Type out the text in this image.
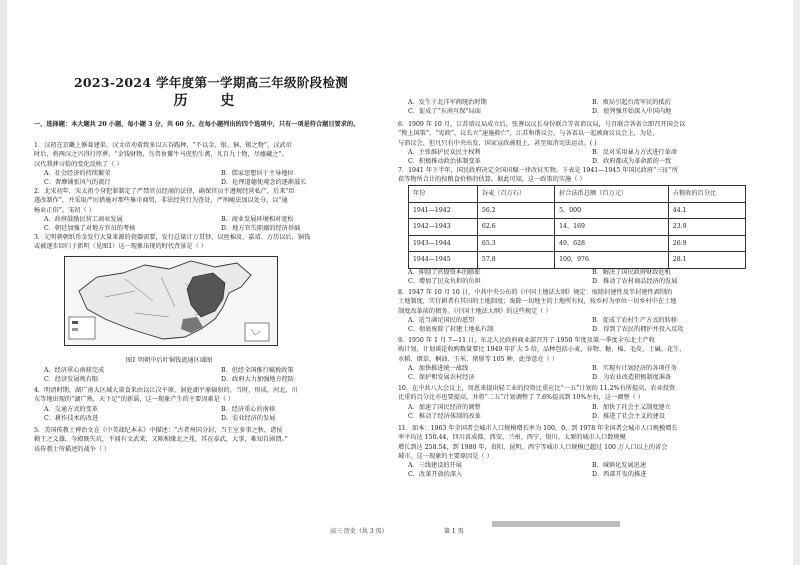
2023-2024 学年度第一学期高三年级阶段检测
历 史
一、选择题：本大题共 20 小题，每小题 3 分，共 60 分。在每小题列出的四个选项中，只有一项是符合题目要求的。
1．汉初在京畿上修葺建渠，汉文帝劝着致多以五谷践种，“不以金、银、铜、锡之物”，汉武帝
时后，将两汉之兴得行厚葬，“金钱财物，鸟兽鱼鳖牛马虎豹生禽，凡百九十物，尽瘗藏之”。
汉代我葬习俗的变化反映了（ ）
A．社会经济的持续繁荣	B．儒家思想居于主导地位
C．奢靡铺张风气的流行	D．伦理道德使观念的逐渐滋长
2．北宋初年，宋太祖令身犯罪制定了严禁官员经商的法律，确保官员不遵规经营私产，后来“臣
遂改制作”，并采取严厉措施对那些集市商贸，非法经营行为查处，严刑峻法加以处分，以“通
畅业正俗”。宋初（ ）
A．政府鼓励民营工商业发展	B．商业发展环境相对宽松
C．朝廷加强了对地方官员的考核	D．地方官失职腐的经济基础
3．元明朝朝纸币金发行大量来源的瓷器需要，发行总量计万贯钞，以丝棉及、嘉靖、万历以后，铜钱
或被逐步回归于新明（见图1）这一现象出现的时代背景是（ ）
图1 明朝中后叶铜钱流通区域图
A．经济重心南移完成	B．但经全国推行赋税政策
C．经济发展规有限	D．政府大力加强地方控防
4．明清时期，湖广南大区域大量食来由以江汉平原、洞庭湖平原辐射的，当时，形成，河北、川
东等地出现的“湖广熟，天下足”的新谣，这一现象产生的主要因素是（ ）
A．交通方式的变革	B．经济重心的南移
C．耕作技术的改进	D．农业经济的发展
5．美国传教士裨治文在《中美战纪本末》中描述：“古者州国分封，当王室多事之秋，诸侯
勤王之义雄，今殿既失坑，不闻有文武来，又陈相缘北之兆，其在泰武，大事，难知自剧谓。”
该传教士所描述的战争（ ）
A．发生于北洋军阀统治时期	B．败局引起台湾军民的抵抗
C．促成了“东南互保”局面	D．使列强开始深入中国内地
6．1909 年 10 月，江苏谘议局成立后，张謇以议长身份联合等省谘议局，号召联合各省立即召开国会以
“挽上国策”，“宪政”，议长立“速施救亡”，江苏和谐议会，与各省以一起被商议议会上，为是，
与谘议会，但凡只有中央出发，国家宣政被驳上，甚至取消宪法运动。( )
A．主张维护民众民主权利	B．反对采用暴力方式进行革命
C．积极推动政治体制变革	D．政府都成为革命派的一致
7．1941 年下半年，国民政府决定全国田赋一律改征实物。下表是 1941—1945 年国民政府“三征”所
获等物所合计的按粮食价格的估算。据此可知，这一政策的实施（ ）
年份	谷麦（百万石）	折合法币总额（百万元）	占粮收的百分比
1941—1942	56.2	5，000	44.1
1942—1943	62.6	14，169	23.9
1943—1944	65.3	49，628	26.9
1944—1945	57.8	100，976	28.1
A．抑制了官僚资本的膨胀	B．解决了国民政府财政危机
C．增加了民众负担的负担	D．推动了农村商品经济的发展
8．1947 年 10 月 10 日，中共中央公布的《中国土地法大纲》规定：废除封建性及半封建性剥削的
土地制度，实行耕者有其田的土地制度；废除一切地主的土地所有权，按乡村为单位一切乡村中在土地
制度改革前的债务。《中国土地法大纲》的这些规定（ ）
A．适当满足国民的愿望	B．促成了农村生产方式的转移
C．彻底废除了封建土地私有制	D．得到了农民的拥护并投入反攻
9．1950 年 1 月 7—11 日，东北人民政府商业部召开了 1950 年度及第一季度全东北土产收
购计划，计划谈论收购数量要比 1949 年扩大 5 倍，品种包括小麦、谷物、糖、棉、毛皮、土碱、花生、
水稻、烟草、桐油、玉米、猪鬃等 105 种，此举意在（ ）
A．加快推进统一战线	B．实现有计划经济的各项任务
C．保护和发展农村经济	D．为农业改造积极制度准备
10．在中共八大会议上，周恩来提出轻工业的投资比重应比“一五”计划的 11.2%有所提高，农业投资
比重的百分比亦也要提高，并将“二五”计划调整了 7.6%提高到 10%左右，这一调整（ ）
A．加速了国民经济的调整	B．加快了社会主义制度建立
C．推动了经济体制的改革	D．推进了社会主义的建设
11．如本：1963 年全国者会城市人口规模增长率为 100，0，到 1978 年全国者会城市人口规模增长
率平均达 150.44，四川省成都、西安、兰州、西宁、银川、太原的城市人口数规模
增长到达 258.54，到 1980 年，贵阳、昆明、西宁等城市人口规模已超过 100 万人口以上的省会
城市。这一现象的主要原因是（ ）
A．三线建设的开展	B．城镇化发展迅速
C．改革开放的深入	D．西部开发的推进
高三 历史（共 3 页）	第 1 页
